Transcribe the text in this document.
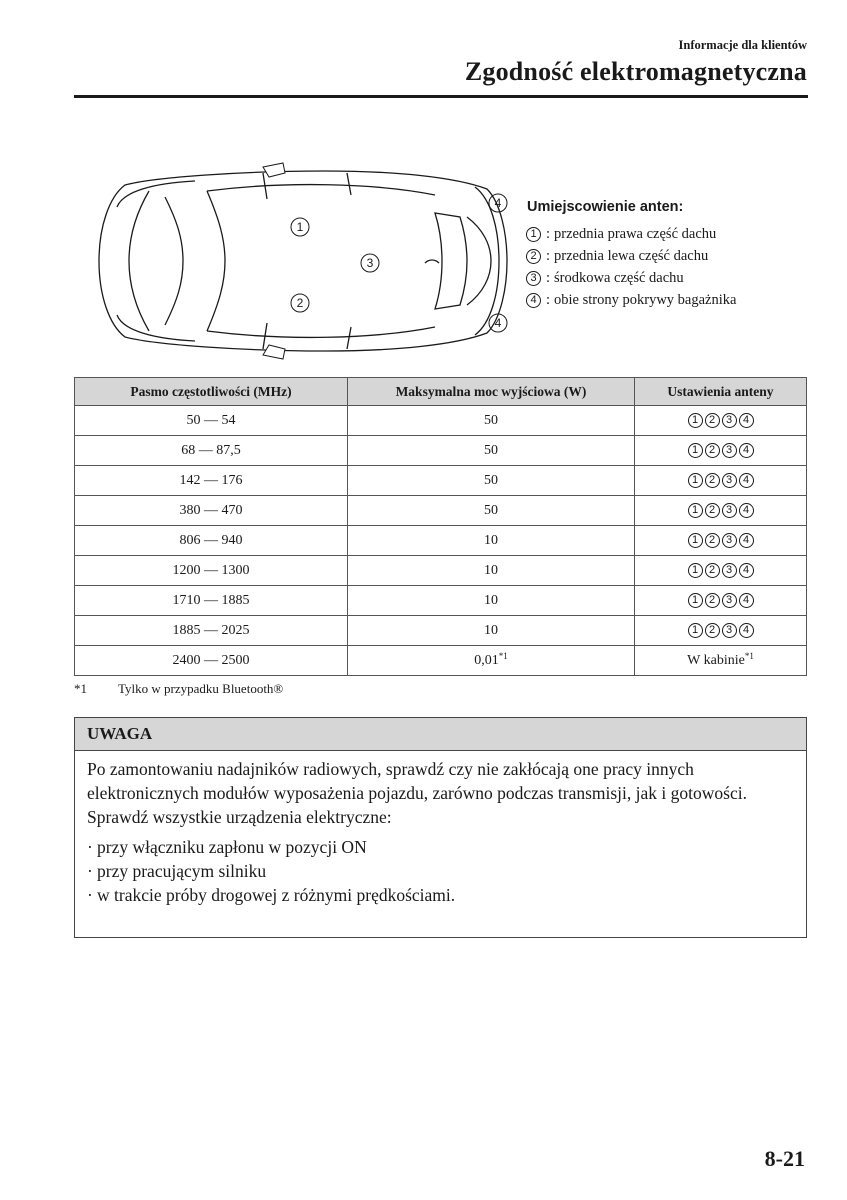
Informacje dla klientów
Zgodność elektromagnetyczna
1
2
3
4
4

Umiejscowienie anten:

1 : przednia prawa część dachu
2 : przednia lewa część dachu
3 : środkowa część dachu
4 : obie strony pokrywy bagażnika
Pasmo częstotliwości (MHz)	Maksymalna moc wyjściowa (W)	Ustawienia anteny
50 — 54	50	1 2 3 4

68 — 87,5	50	1 2 3 4

142 — 176	50	1 2 3 4

380 — 470	50	1 2 3 4

806 — 940	10	1 2 3 4

1200 — 1300	10	1 2 3 4

1710 — 1885	10	1 2 3 4

1885 — 2025	10	1 2 3 4

2400 — 2500	0,01$^{*1}$	W kabinie$^{*1}$
*1 Tylko w przypadku Bluetooth®
UWAGA

Po zamontowaniu nadajników radiowych, sprawdź czy nie zakłócają one pracy innych elektronicznych modułów wyposażenia pojazdu, zarówno podczas transmisji, jak i gotowości.

Sprawdź wszystkie urządzenia elektryczne:

· przy włączniku zapłonu w pozycji ON
· przy pracującym silniku
· w trakcie próby drogowej z różnymi prędkościami.
8-21
